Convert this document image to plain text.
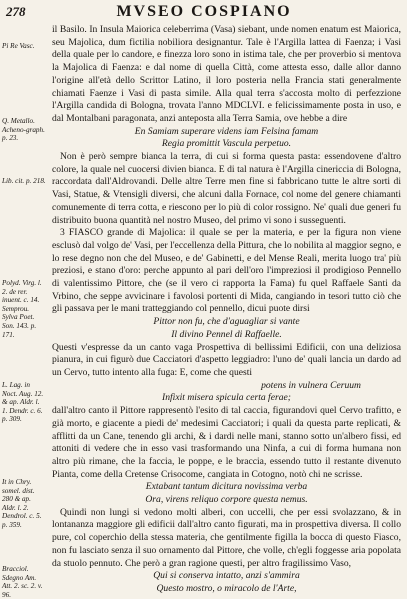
278	MVSEO COSPIANO
Pi Re Vasc.
Q. Metallo. Acheno-graph. p. 23.
Lib. cit. p. 218.
Polyd. Virg. l. 2. de rer. inuent. c. 14. Semprou. Sylva Poet. Son. 143. p. 171.
L. Lag. in Noct. Aug. 12. & ap. Aldr. l. 1. Dendr. c. 6. p. 309.
It in Chry. somel. dist. 280 & ap. Aldr. l. 2. Dendrol. c. 5. p. 359.
Bracciol. Sdegno Am. Att. 2. sc. 2. v. 96.

il Basilo. In Insula Maiorica celeberrima (Vasa) siebant, unde nomen enatum est Maiorica, seu Majolica, dum fictilia nobiliora designantur. Tale è l'Argilla lattea di Faenza; i Vasi della quale per lo candore, e finezza loro sono in istima tale, che per proverbio si mentova la Majolica di Faenza: e dal nome di quella Città, come attesta esso, dalle allor danno l'origine all'età dello Scrittor Latino, il loro posteria nella Francia stati generalmente chiamati Faenze i Vasi di pasta simile. Alla qual terra s'accosta molto di perfezzione l'Argilla candida di Bologna, trovata l'anno MDCLVI. e felicissimamente posta in uso, e dal Montalbani paragonata, anzi anteposta alla Terra Samia, ove hebbe a dire

En Samiam superare videns iam Felsina famam

Regia promittit Vascula perpetuo.

Non è però sempre bianca la terra, di cui si forma questa pasta: essendovene d'altro colore, la quale nel cuocersi divien bianca. E di tal natura è l'Argilla cinericcia di Bologna, raccordata dall'Aldrovandi. Delle altre Terre men fine si fabbricano tutte le altre sorti di Vasi, Statue, & Vtensigli diversi, che alcuni dalla Fornace, col nome del genere chiamanti comunemente di terra cotta, e riescono per lo più di color rossigno. Ne' quali due generi fu distribuito buona quantità nel nostro Museo, del primo vi sono i susseguenti.

3 FIASCO grande di Majolica: il quale se per la materia, e per la figura non viene esclusò dal volgo de' Vasi, per l'eccellenza della Pittura, che lo nobilita al maggior segno, e lo rese degno non che del Museo, e de' Gabinetti, e del Mense Reali, merita luogo tra' più preziosi, e stano d'oro: perche appunto al pari dell'oro l'impreziosi il prodigioso Pennello di valentissimo Pittore, che (se il vero ci rapporta la Fama) fu quel Raffaele Santi da Vrbino, che seppe avvicinare i favolosi portenti di Mida, cangiando in tesori tutto ciò che gli passava per le mani tratteggiando col pennello, dicui puote dirsi

Pittor non fu, che d'aguagliar si vante

Il divino Pennel di Raffaelle.

Questi v'espresse da un canto vaga Prospettiva di bellissimi Edificii, con una deliziosa pianura, in cui figurò due Cacciatori d'aspetto leggiadro: l'uno de' quali lancia un dardo ad un Cervo, tutto intento alla fuga: E, come che questi

potens in vulnera Ceruum

Infixit misera spicula certa ferae;

dall'altro canto il Pittore rappresentò l'esito di tal caccia, figurandovi quel Cervo trafitto, e già morto, e giacente a piedi de' medesimi Cacciatori; i quali da questa parte replicati, & afflitti da un Cane, tenendo gli archi, & i dardi nelle mani, stanno sotto un'albero fissi, ed attoniti di vedere che in esso vasi trasformando una Ninfa, a cui di forma humana non altro più rimane, che la faccia, le poppe, e le braccia, essendo tutto il restante divenuto Pianta, come della Cretense Crisocome, cangiata in Cotogno, notò chi ne scrisse.

Extabant tantum dicitura novissima verba

Ora, virens reliquo corpore questa nemus.

Quindi non lungi si vedono molti alberi, con uccelli, che per essi svolazzano, & in lontananza maggiore gli edificii dall'altro canto figurati, ma in prospettiva diversa. Il collo pure, col coperchio della stessa materia, che gentilmente figilla la bocca di questo Fiasco, non fu lasciato senza il suo ornamento dal Pittore, che volle, ch'egli foggesse aria popolata da stuolo pennuto. Che però a gran ragione questi, per altro fragilissimo Vaso,

Qui si conserva intatto, anzi s'ammira

Questo mostro, o miracolo de l'Arte,
